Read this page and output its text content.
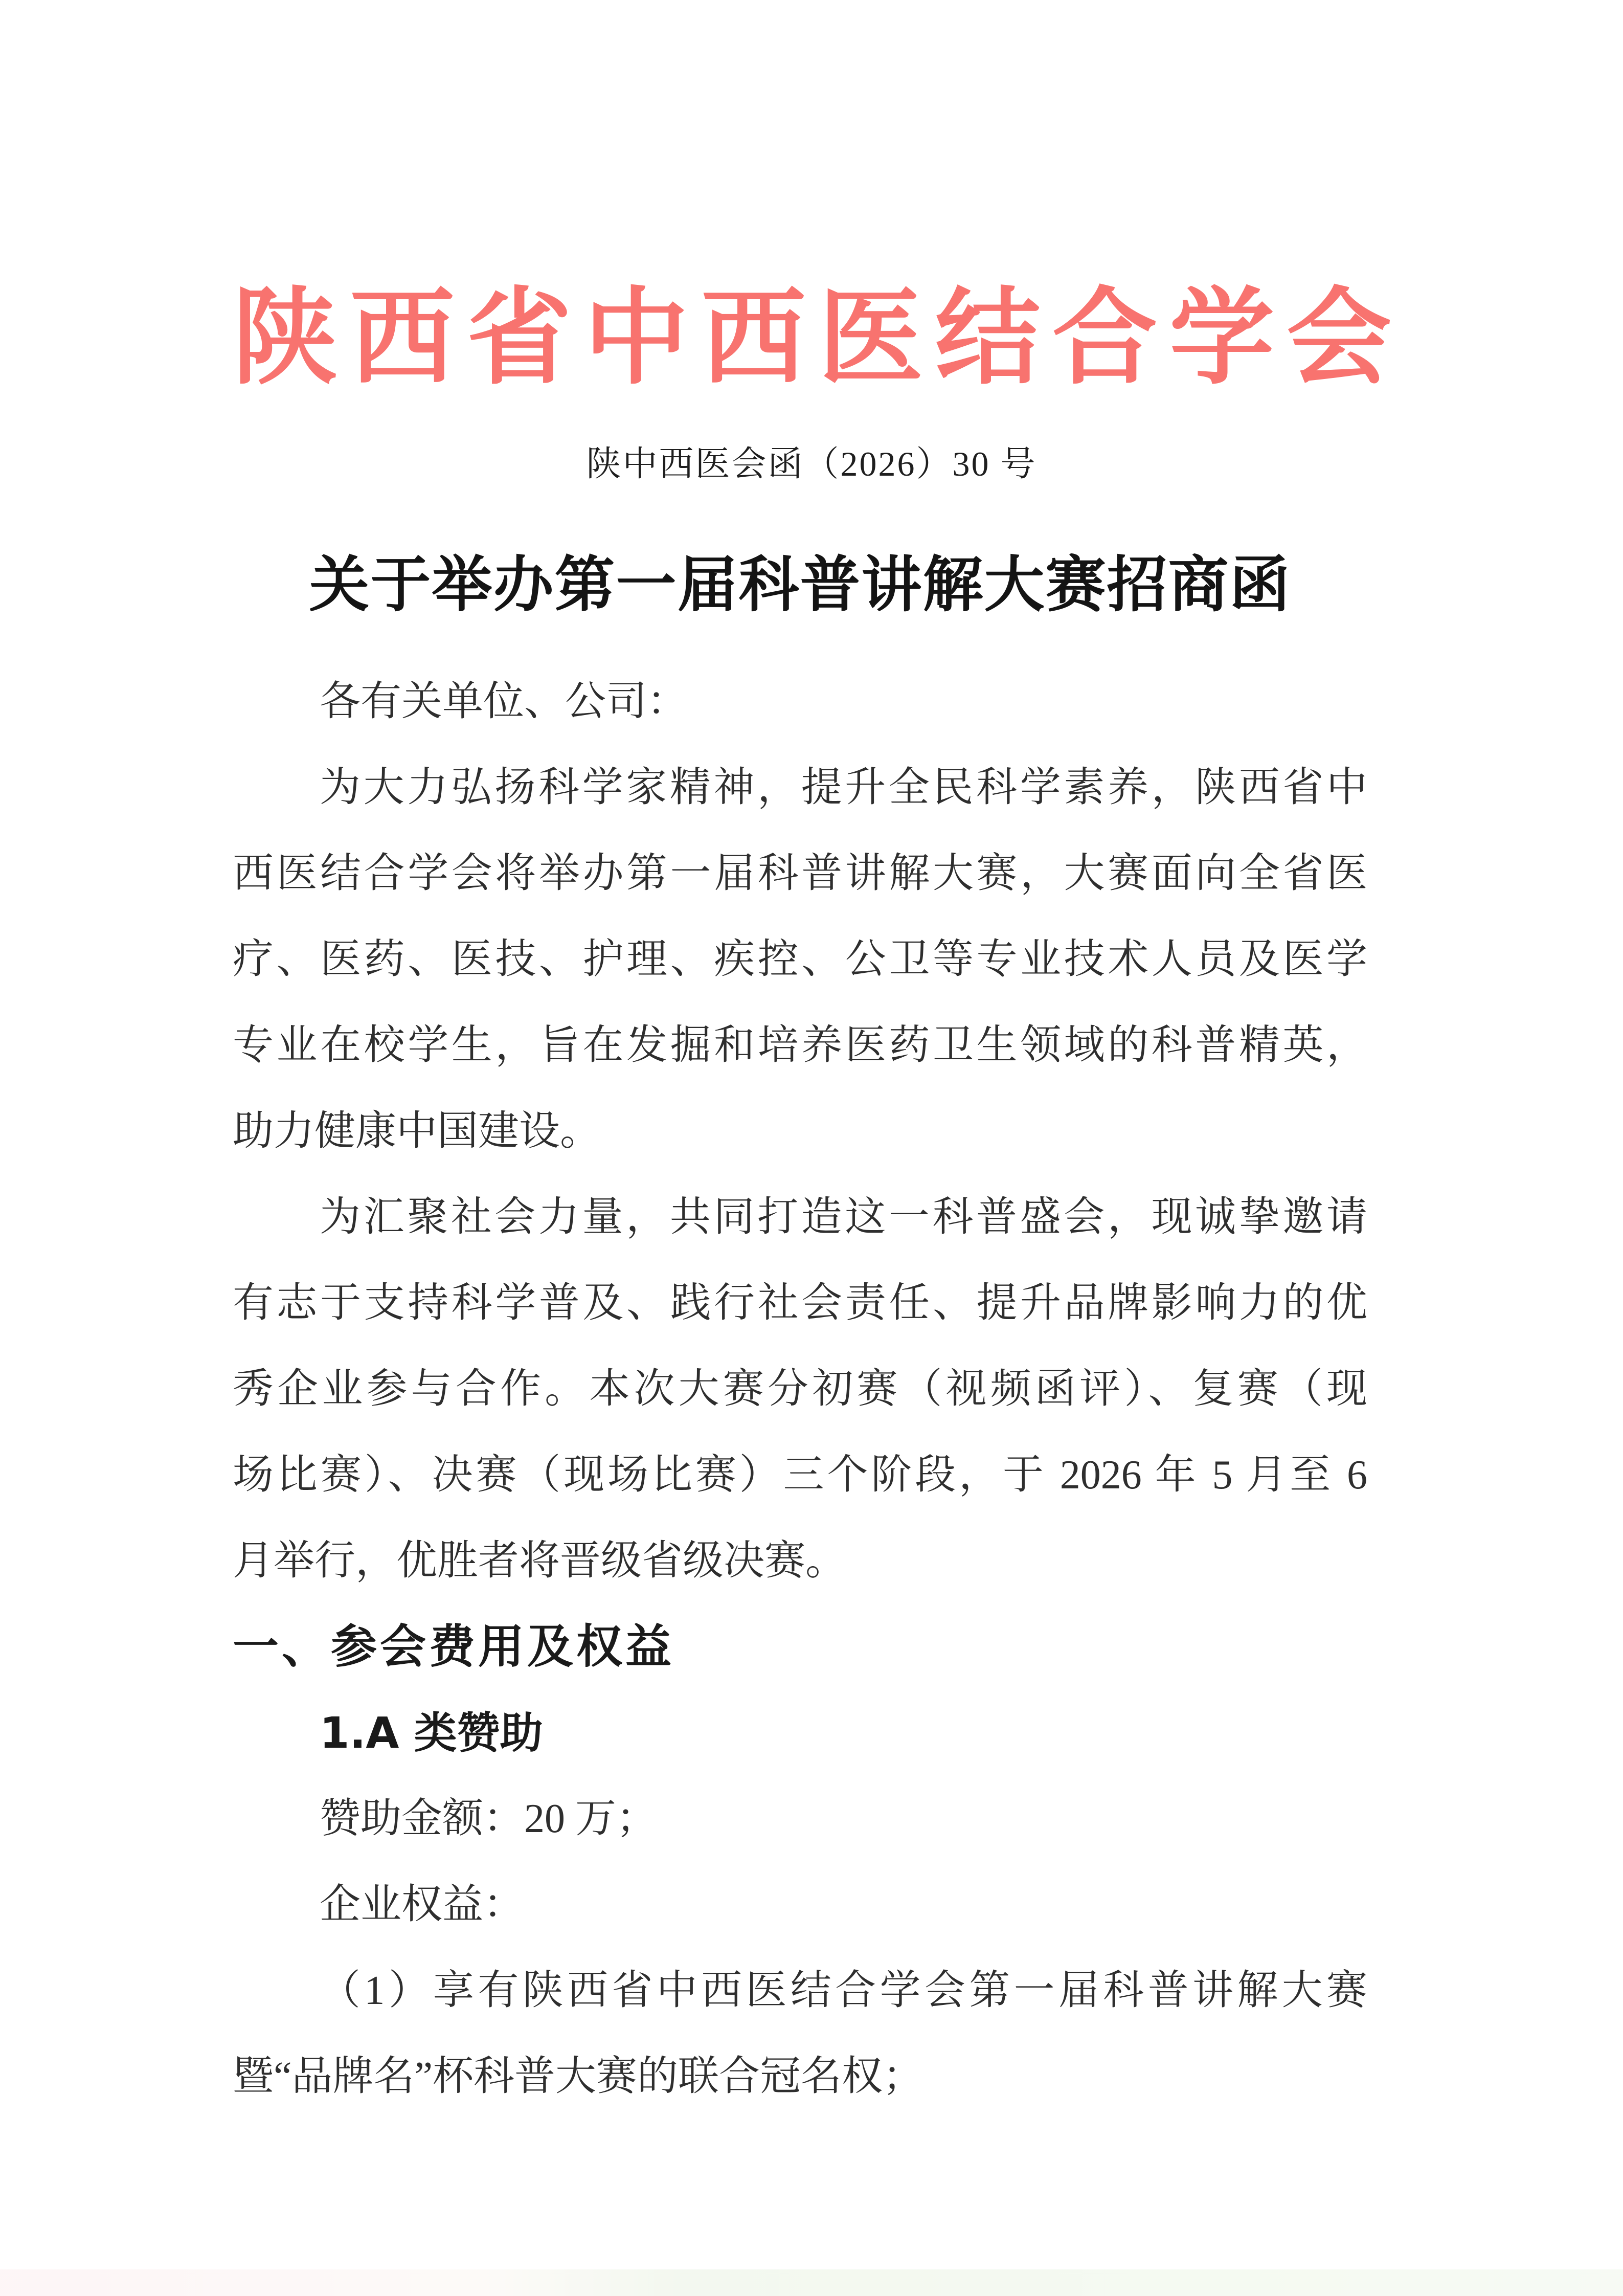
陕西省中西医结合学会
陕中西医会函（2026）30 号
关于举办第一届科普讲解大赛招商函
各有关单位、公司：
为大力弘扬科学家精神，提升全民科学素养，陕西省中
西医结合学会将举办第一届科普讲解大赛，大赛面向全省医
疗、医药、医技、护理、疾控、公卫等专业技术人员及医学
专业在校学生，旨在发掘和培养医药卫生领域的科普精英，
助力健康中国建设。
为汇聚社会力量，共同打造这一科普盛会，现诚挚邀请
有志于支持科学普及、践行社会责任、提升品牌影响力的优
秀企业参与合作。本次大赛分初赛（视频函评）、复赛（现
场比赛）、决赛（现场比赛）三个阶段，于 2026 年 5 月至 6
月举行，优胜者将晋级省级决赛。
一、参会费用及权益
1.A 类赞助
赞助金额：20 万；
企业权益：
（1）享有陕西省中西医结合学会第一届科普讲解大赛
暨“品牌名”杯科普大赛的联合冠名权；
